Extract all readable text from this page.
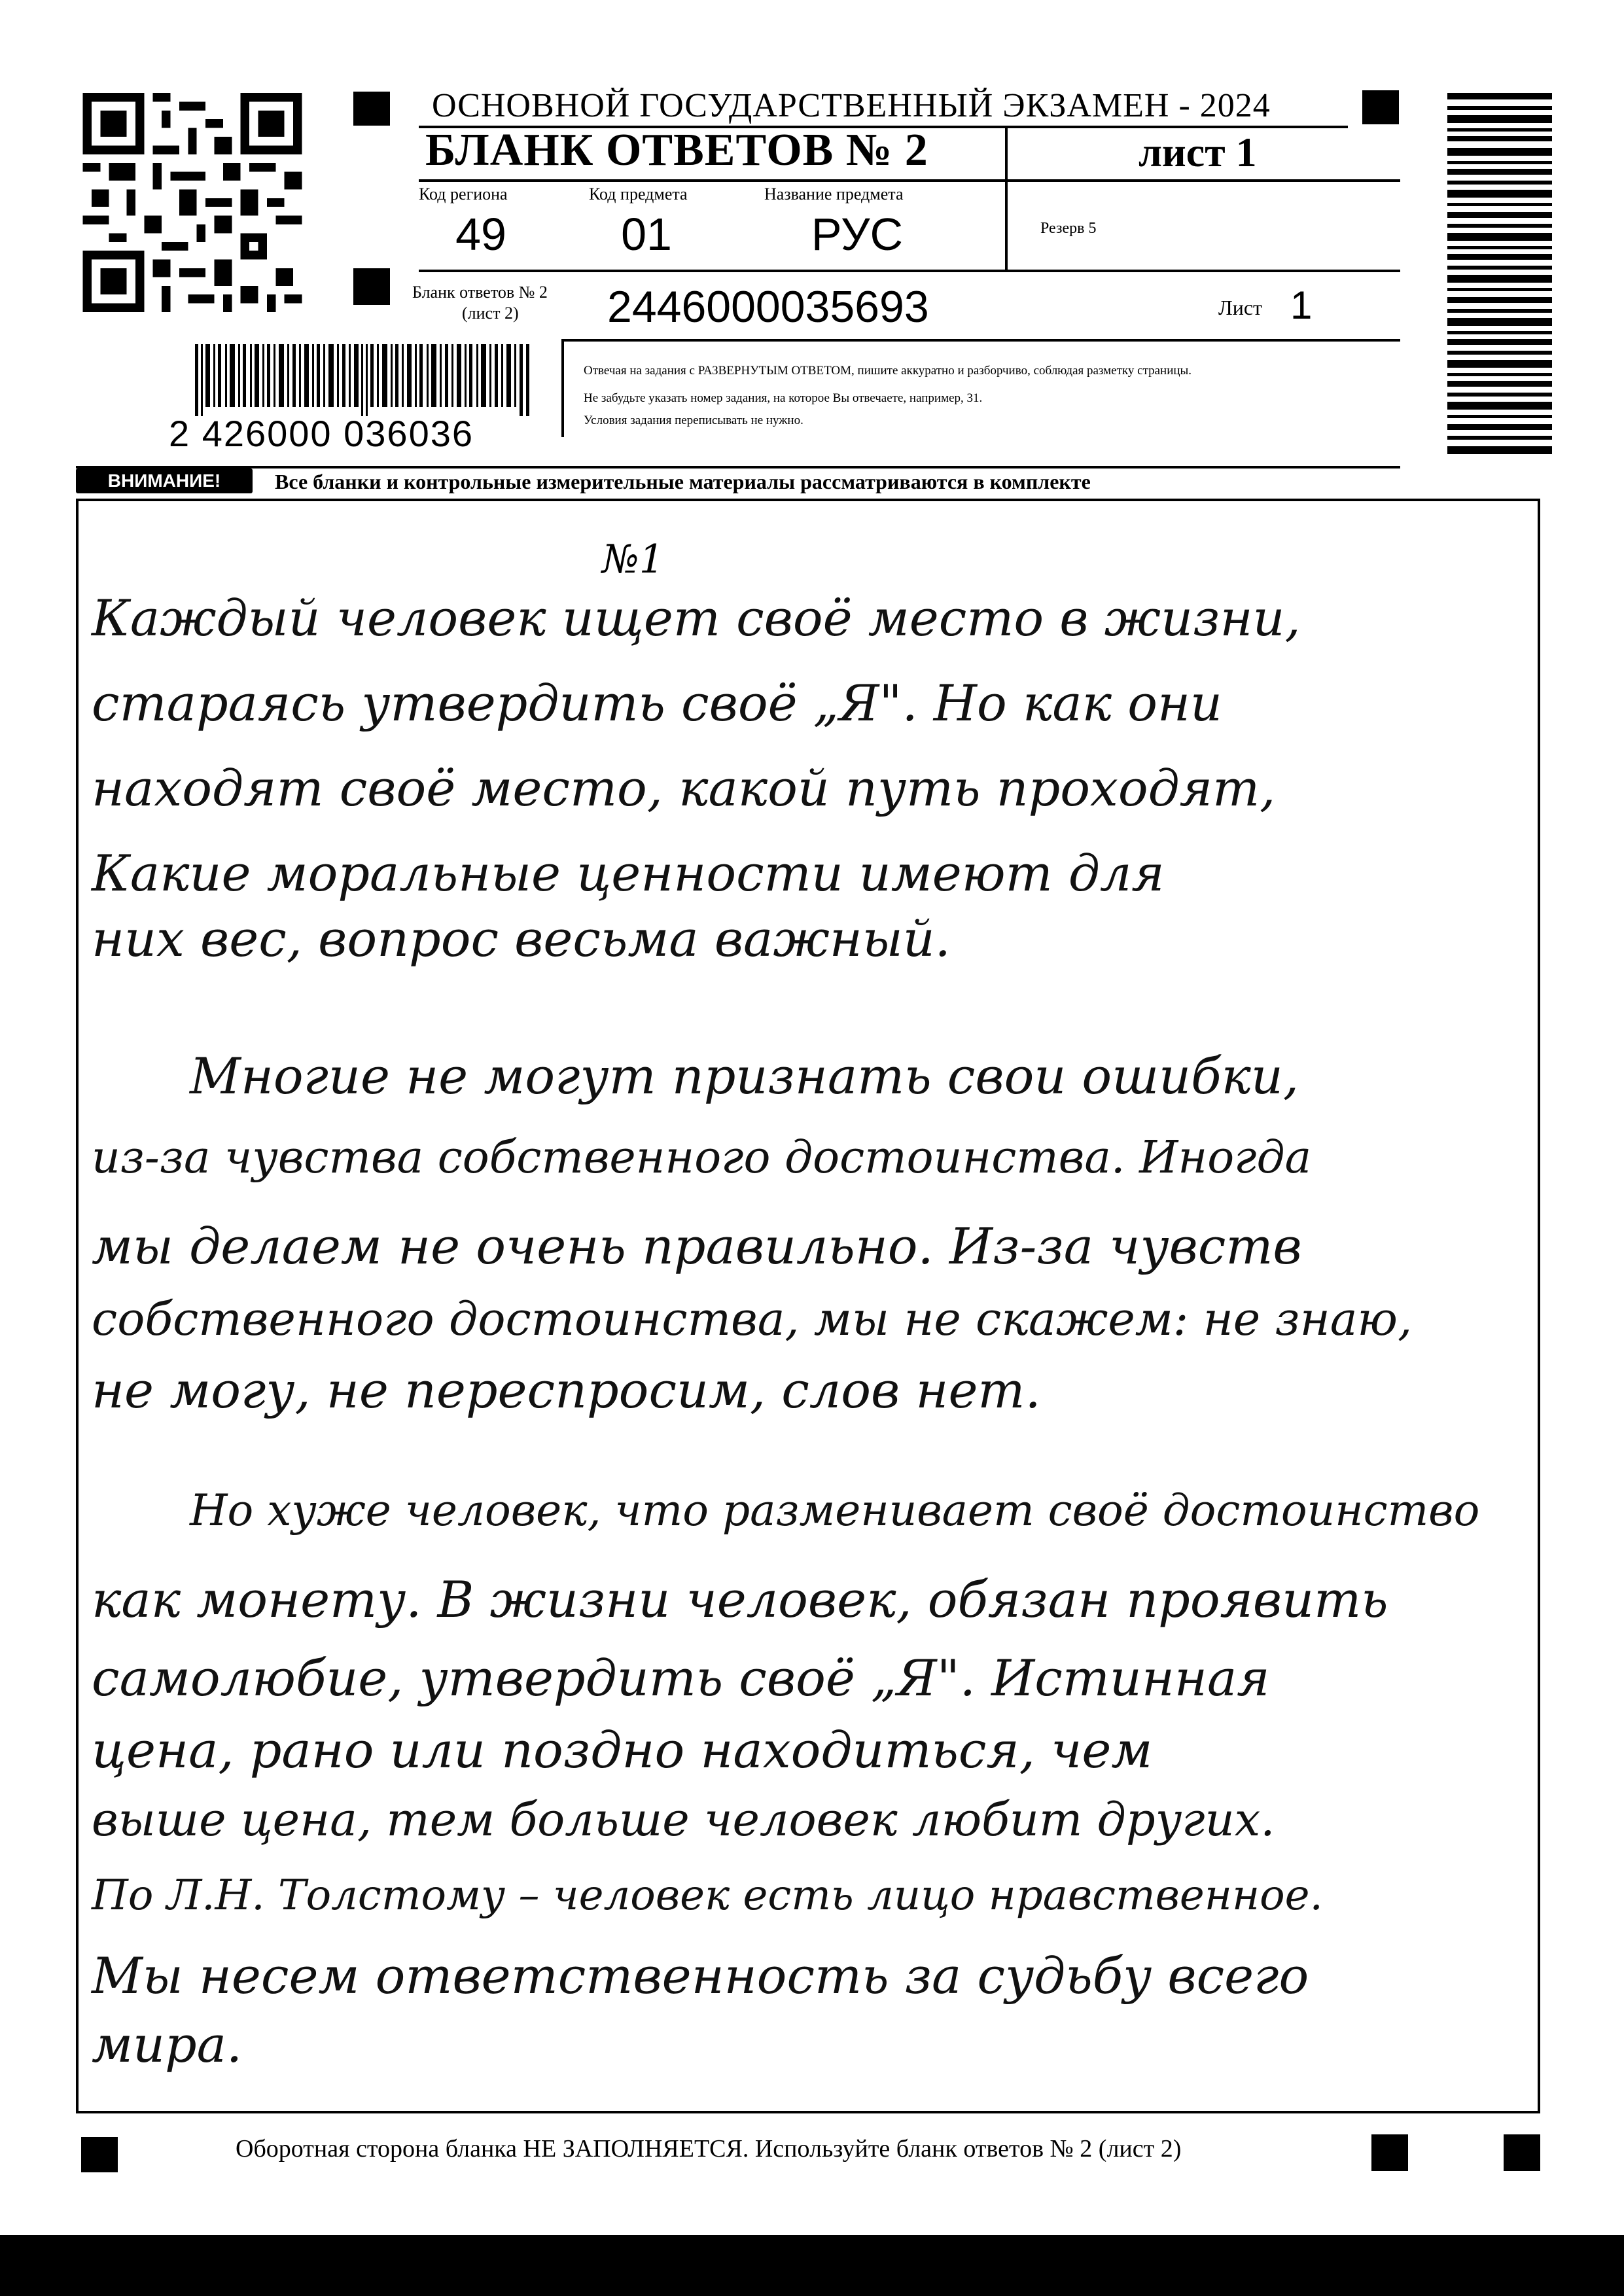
2 426000 036036
ОСНОВНОЙ ГОСУДАРСТВЕННЫЙ ЭКЗАМЕН - 2024
БЛАНК ОТВЕТОВ № 2	лист 1
Код региона
49
Код предмета
01
Название предмета
РУС	Резерв 5
Бланк ответов № 2
(лист 2) 2446000035693	Лист 1
Отвечая на задания с РАЗВЕРНУТЫМ ОТВЕТОМ, пишите аккуратно и разборчиво, соблюдая разметку страницы.
Не забудьте указать номер задания, на которое Вы отвечаете, например, 31.
Условия задания переписывать не нужно.
ВНИМАНИЕ!	Все бланки и контрольные измерительные материалы рассматриваются в комплекте
№1
Каждый человек ищет своё место в жизни,
стараясь утвердить своё „Я". Но как они
находят своё место, какой путь проходят,
Какие моральные ценности имеют для
них вес, вопрос весьма важный.
Многие не могут признать свои ошибки,
из-за чувства собственного достоинства. Иногда
мы делаем не очень правильно. Из-за чувств
собственного достоинства, мы не скажем: не знаю,
не могу, не переспросим, слов нет.
Но хуже человек, что разменивает своё достоинство
как монету. В жизни человек, обязан проявить
самолюбие, утвердить своё „Я". Истинная
цена, рано или поздно находиться, чем
выше цена, тем больше человек любит других.
По Л.Н. Толстому – человек есть лицо нравственное.
Мы несем ответственность за судьбу всего
мира.
Оборотная сторона бланка НЕ ЗАПОЛНЯЕТСЯ. Используйте бланк ответов № 2 (лист 2)
